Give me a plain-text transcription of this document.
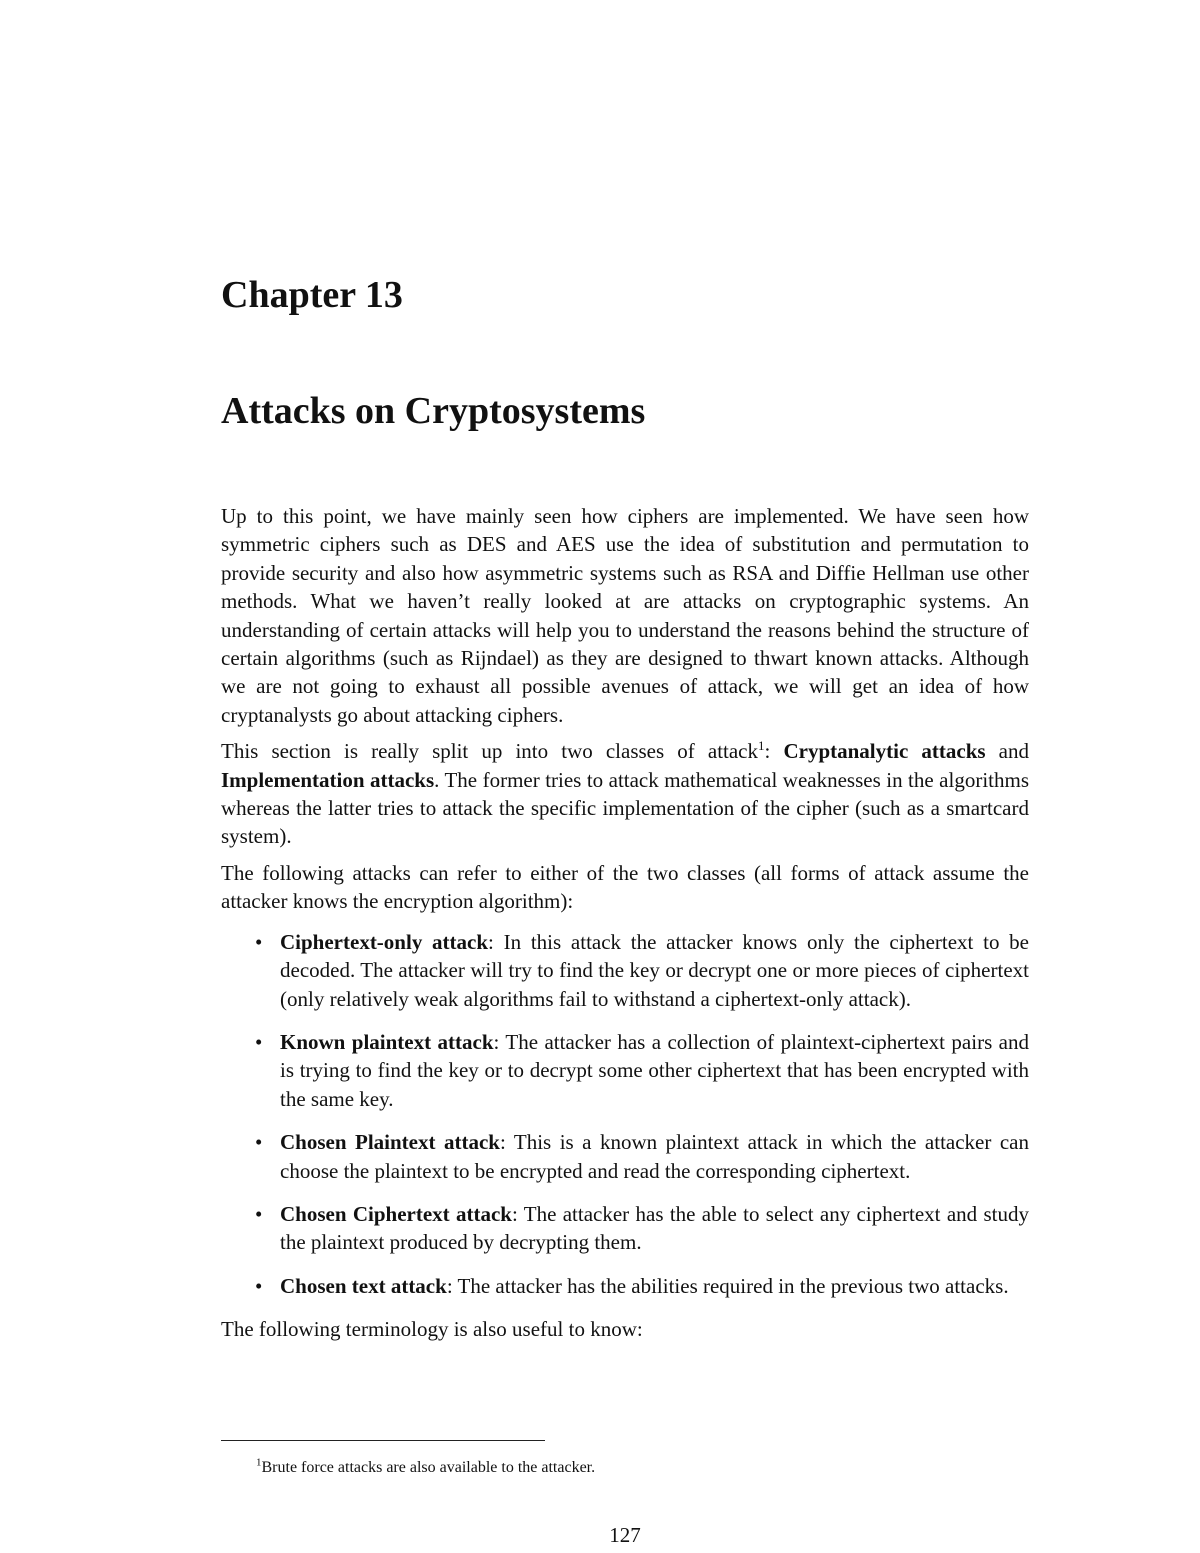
Chapter 13
Attacks on Cryptosystems

Up to this point, we have mainly seen how ciphers are implemented. We have seen how symmetric ciphers such as DES and AES use the idea of substitution and permutation to provide security and also how asymmetric systems such as RSA and Diffie Hellman use other methods. What we haven’t really looked at are attacks on cryptographic systems. An understanding of certain attacks will help you to understand the reasons behind the structure of certain algorithms (such as Rijndael) as they are designed to thwart known attacks. Although we are not going to exhaust all possible avenues of attack, we will get an idea of how cryptanalysts go about attacking ciphers.

This section is really split up into two classes of attack$^1$: Cryptanalytic attacks and Implementation attacks. The former tries to attack mathematical weaknesses in the algorithms whereas the latter tries to attack the specific implementation of the cipher (such as a smartcard system).

The following attacks can refer to either of the two classes (all forms of attack assume the attacker knows the encryption algorithm):

• Ciphertext-only attack: In this attack the attacker knows only the ciphertext to be decoded. The attacker will try to find the key or decrypt one or more pieces of ciphertext (only relatively weak algorithms fail to withstand a ciphertext-only attack).
• Known plaintext attack: The attacker has a collection of plaintext-ciphertext pairs and is trying to find the key or to decrypt some other ciphertext that has been encrypted with the same key.
• Chosen Plaintext attack: This is a known plaintext attack in which the attacker can choose the plaintext to be encrypted and read the corresponding ciphertext.
• Chosen Ciphertext attack: The attacker has the able to select any ciphertext and study the plaintext produced by decrypting them.
• Chosen text attack: The attacker has the abilities required in the previous two attacks.

The following terminology is also useful to know:

$^1$Brute force attacks are also available to the attacker.
127
